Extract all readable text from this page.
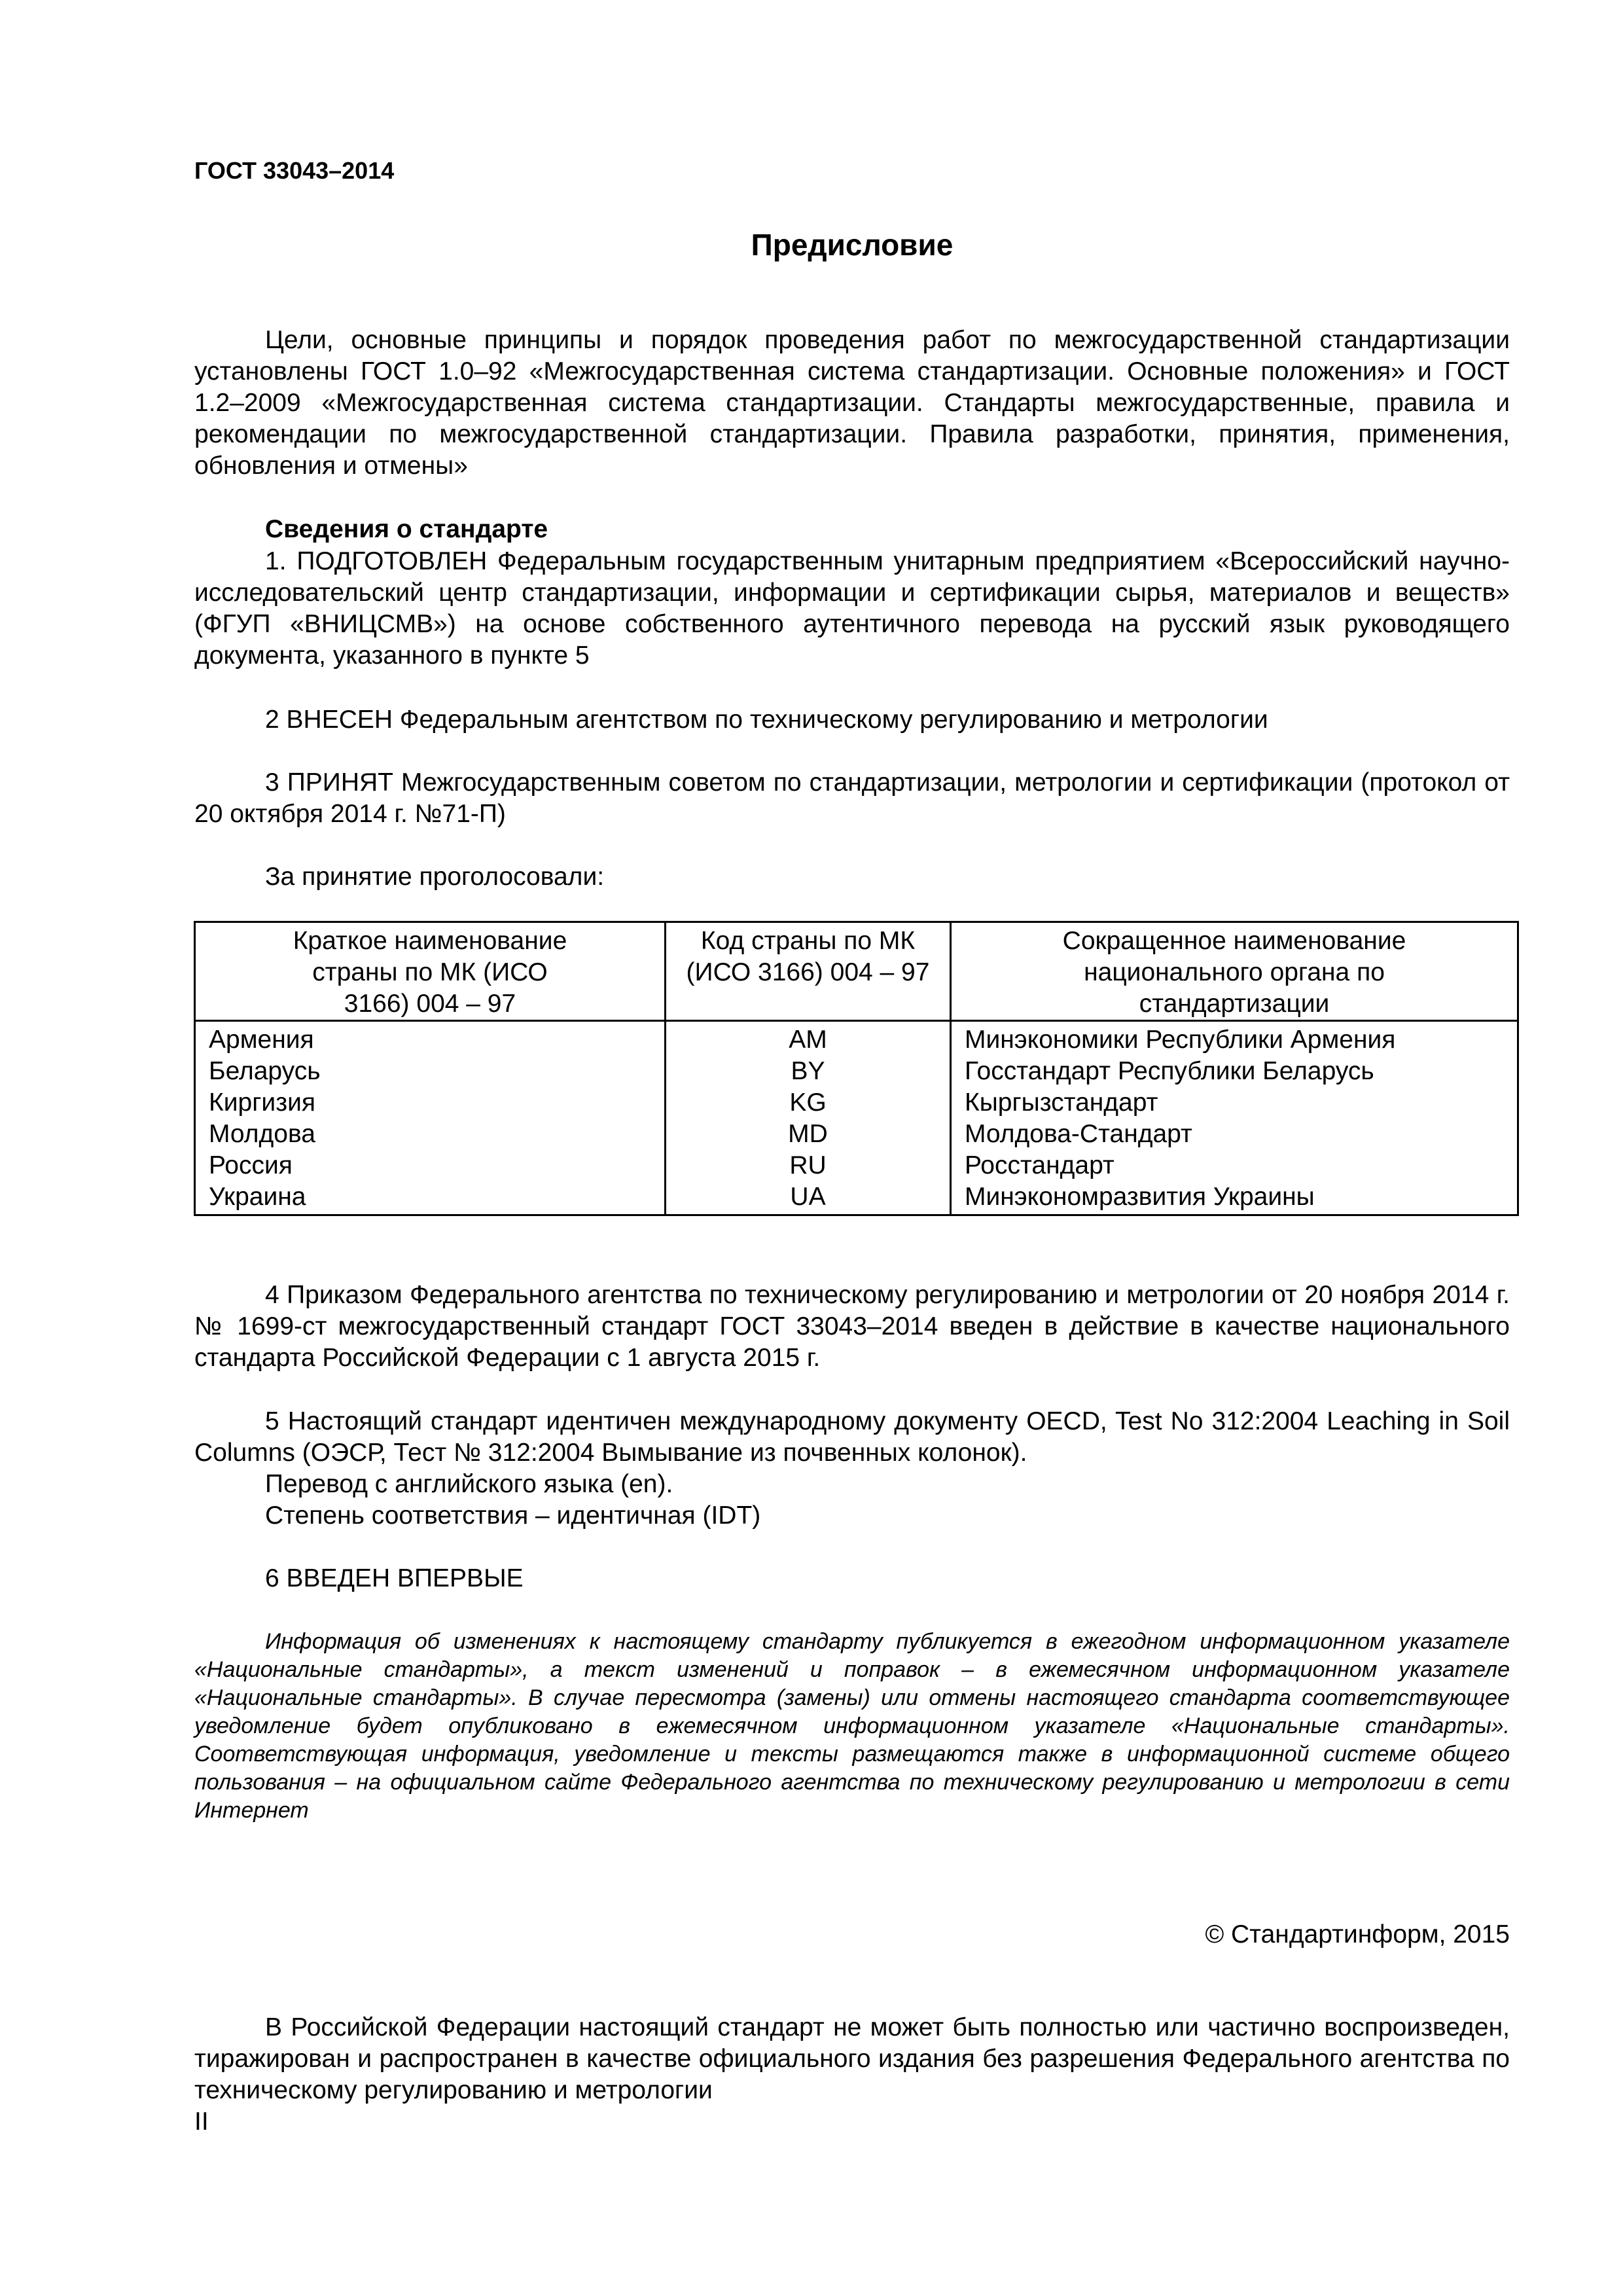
ГОСТ 33043–2014
Предисловие

Цели, основные принципы и порядок проведения работ по межгосударственной стандартизации установлены ГОСТ 1.0–92 «Межгосударственная система стандартизации. Основные положения» и ГОСТ 1.2–2009 «Межгосударственная система стандартизации. Стандарты межгосударственные, правила и рекомендации по межгосударственной стандартизации. Правила разработки, принятия, применения, обновления и отмены»

Сведения о стандарте

1. ПОДГОТОВЛЕН Федеральным государственным унитарным предприятием «Всероссийский научно-исследовательский центр стандартизации, информации и сертификации сырья, материалов и веществ» (ФГУП «ВНИЦСМВ») на основе собственного аутентичного перевода на русский язык руководящего документа, указанного в пункте 5

2 ВНЕСЕН Федеральным агентством по техническому регулированию и метрологии

3 ПРИНЯТ Межгосударственным советом по стандартизации, метрологии и сертификации (протокол от 20 октября 2014 г. №71-П)

За принятие проголосовали:

Краткое наименование страны по МК (ИСО 3166) 004 – 97	Код страны по МК (ИСО 3166) 004 – 97	Сокращенное наименование национального органа по стандартизации
Армения	AM	Минэкономики Республики Армения
Беларусь	BY	Госстандарт Республики Беларусь
Киргизия	KG	Кыргызстандарт
Молдова	MD	Молдова-Стандарт
Россия	RU	Росстандарт
Украина	UA	Минэкономразвития Украины

4 Приказом Федерального агентства по техническому регулированию и метрологии от 20 ноября 2014 г. № 1699-ст межгосударственный стандарт ГОСТ 33043–2014 введен в действие в качестве национального стандарта Российской Федерации с 1 августа 2015 г.

5 Настоящий стандарт идентичен международному документу OECD, Test No 312:2004 Leaching in Soil Columns (ОЭСР, Тест № 312:2004 Вымывание из почвенных колонок).

Перевод с английского языка (en).

Степень соответствия – идентичная (IDT)

6 ВВЕДЕН ВПЕРВЫЕ

Информация об изменениях к настоящему стандарту публикуется в ежегодном информационном указателе «Национальные стандарты», а текст изменений и поправок – в ежемесячном информационном указателе «Национальные стандарты». В случае пересмотра (замены) или отмены настоящего стандарта соответствующее уведомление будет опубликовано в ежемесячном информационном указателе «Национальные стандарты». Соответствующая информация, уведомление и тексты размещаются также в информационной системе общего пользования – на официальном сайте Федерального агентства по техническому регулированию и метрологии в сети Интернет

© Стандартинформ, 2015

В Российской Федерации настоящий стандарт не может быть полностью или частично воспроизведен, тиражирован и распространен в качестве официального издания без разрешения Федерального агентства по техническому регулированию и метрологии

II
